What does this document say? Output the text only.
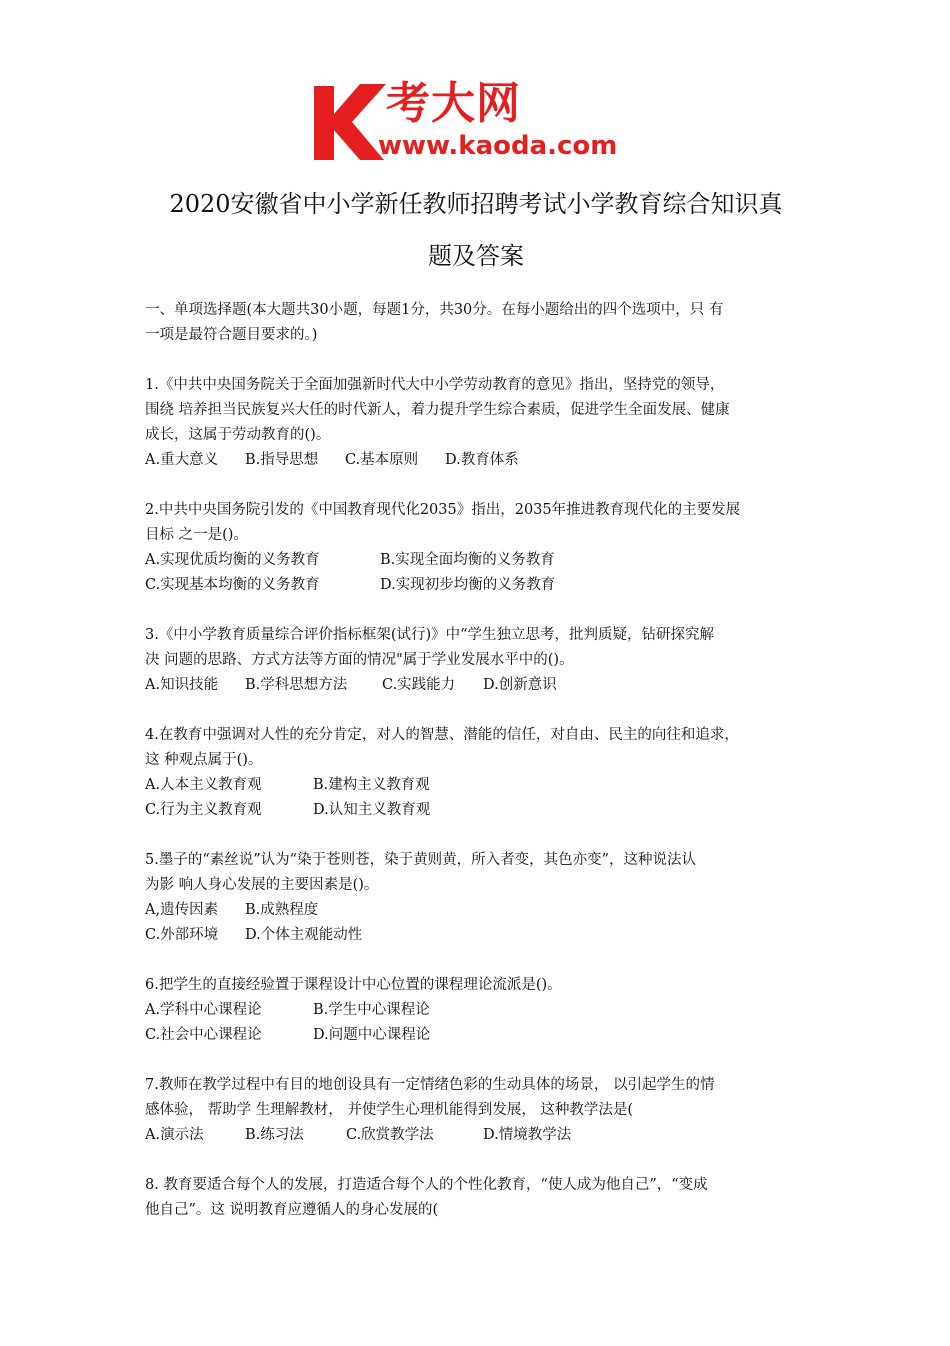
考大网
www.kaoda.com
2020安徽省中小学新任教师招聘考试小学教育综合知识真
题及答案
一、单项选择题(本大题共30小题，每题1分，共30分。在每小题给出的四个选项中，只 有
一项是最符合题目要求的。)
1.《中共中央国务院关于全面加强新时代大中小学劳动教育的意见》指出，坚持党的领导，
围绕 培养担当民族复兴大任的时代新人，着力提升学生综合素质，促进学生全面发展、健康
成长，这属于劳动教育的()。
A.重大意义	B.指导思想	C.基本原则	D.教育体系
2.中共中央国务院引发的《中国教育现代化2035》指出，2035年推进教育现代化的主要发展
目标 之一是()。
A.实现优质均衡的义务教育	B.实现全面均衡的义务教育
C.实现基本均衡的义务教育	D.实现初步均衡的义务教育
3.《中小学教育质量综合评价指标框架(试行)》中“学生独立思考，批判质疑，钻研探究解
决 问题的思路、方式方法等方面的情况"属于学业发展水平中的()。
A.知识技能	B.学科思想方法	C.实践能力	D.创新意识
4.在教育中强调对人性的充分肯定，对人的智慧、潜能的信任，对自由、民主的向往和追求，
这 种观点属于()。
A.人本主义教育观	B.建构主义教育观
C.行为主义教育观	D.认知主义教育观
5.墨子的“素丝说”认为“染于苍则苍，染于黄则黄，所入者变，其色亦变”，这种说法认
为影 响人身心发展的主要因素是()。
A,遗传因素	B.成熟程度
C.外部环境	D.个体主观能动性
6.把学生的直接经验置于课程设计中心位置的课程理论流派是()。
A.学科中心课程论	B.学生中心课程论
C.社会中心课程论	D.问题中心课程论
7.教师在教学过程中有目的地创设具有一定情绪色彩的生动具体的场景， 以引起学生的情
感体验， 帮助学 生理解教材， 并使学生心理机能得到发展， 这种教学法是(
A.演示法	B.练习法	C.欣赏教学法	D.情境教学法
8. 教育要适合每个人的发展，打造适合每个人的个性化教育，“使人成为他自己”，“变成
他自己”。这 说明教育应遵循人的身心发展的(
